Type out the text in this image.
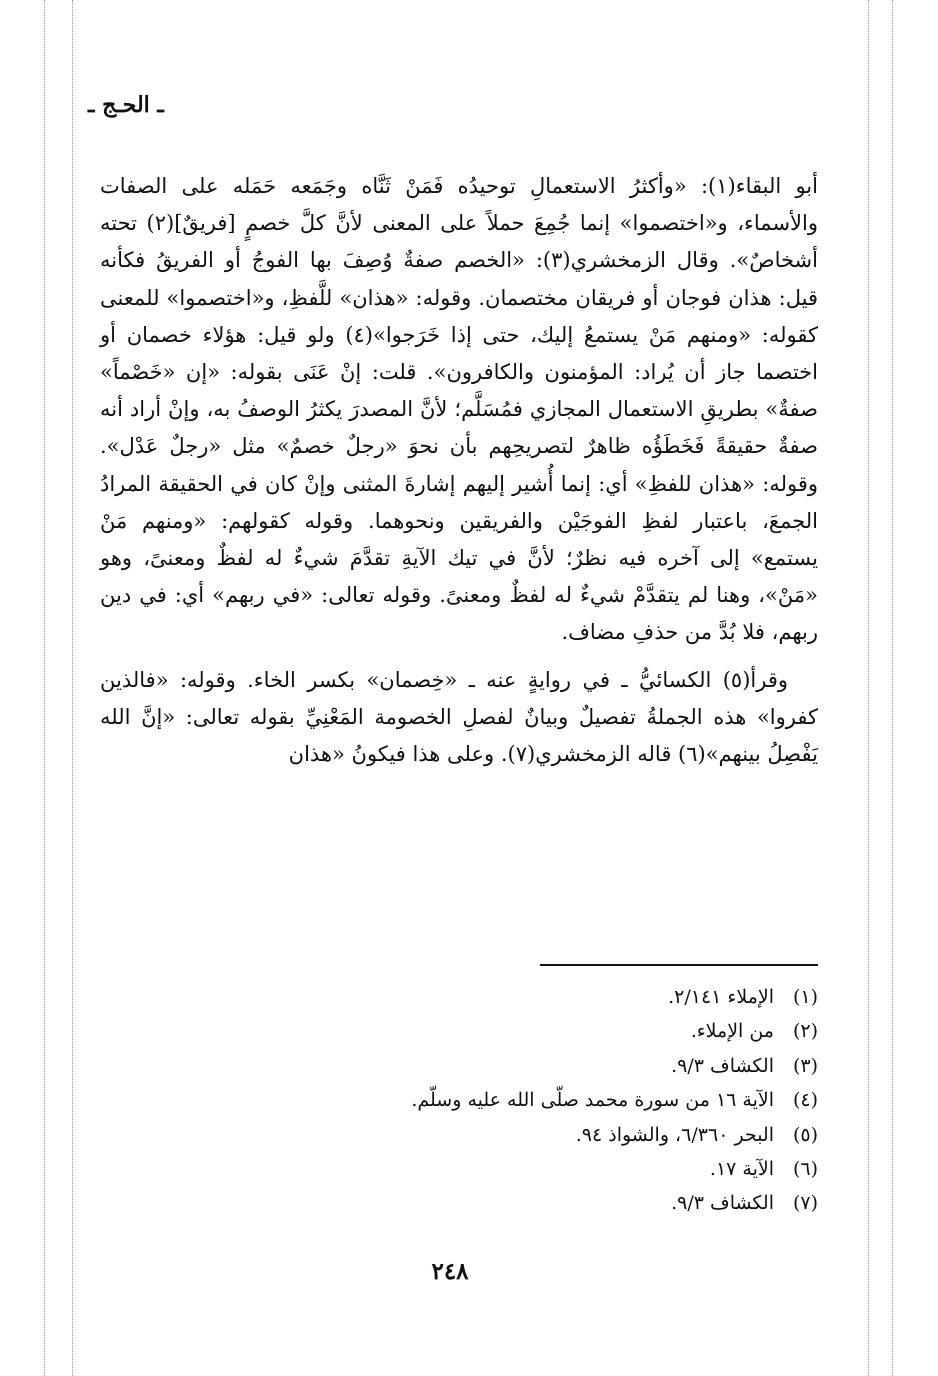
ـ الحـج ـ

أبو البقاء(١): «وأكثرُ الاستعمالِ توحيدُه فَمَنْ ثَنَّاه وجَمَعه حَمَله على الصفات والأسماء، و«اختصموا» إنما جُمِعَ حملاً على المعنى لأنَّ كلَّ خصمٍ [فريقٌ](٢) تحته أشخاصٌ». وقال الزمخشري(٣): «الخصم صفةٌ وُصِفَ بها الفوجُ أو الفريقُ فكأنه قيل: هذان فوجان أو فريقان مختصمان. وقوله: «هذان» للَّفظِ، و«اختصموا» للمعنى كقوله: «ومنهم مَنْ يستمعُ إليك، حتى إذا خَرَجوا»(٤) ولو قيل: هؤلاء خصمان أو اختصما جاز أن يُراد: المؤمنون والكافرون». قلت: إنْ عَنَى بقوله: «إن «خَصْماً» صفةٌ» بطريقِ الاستعمال المجازي فمُسَلَّم؛ لأنَّ المصدرَ يكثرُ الوصفُ به، وإنْ أراد أنه صفةٌ حقيقةً فَخَطَؤُه ظاهرٌ لتصريحِهم بأن نحوَ «رجلٌ خصمٌ» مثل «رجلٌ عَدْل». وقوله: «هذان للفظِ» أي: إنما أُشير إليهم إشارةَ المثنى وإنْ كان في الحقيقة المرادُ الجمعَ، باعتبار لفظِ الفوجَيْن والفريقين ونحوهما. وقوله كقولهم: «ومنهم مَنْ يستمع» إلى آخره فيه نظرٌ؛ لأنَّ في تيك الآيةِ تقدَّمَ شيءٌ له لفظٌ ومعنىً، وهو «مَنْ»، وهنا لم يتقدَّمْ شيءٌ له لفظٌ ومعنىً. وقوله تعالى: «في ربهم» أي: في دين ربهم، فلا بُدَّ من حذفِ مضاف.

وقرأ(٥) الكسائيُّ ـ في روايةٍ عنه ـ «خِصمان» بكسر الخاء. وقوله: «فالذين كفروا» هذه الجملةُ تفصيلٌ وبيانٌ لفصلِ الخصومة المَعْنِيِّ بقوله تعالى: «إنَّ الله يَفْصِلُ بينهم»(٦) قاله الزمخشري(٧). وعلى هذا فيكونُ «هذان

(١)الإملاء ٢/١٤١.
(٢)من الإملاء.
(٣)الكشاف ٩/٣.
(٤)الآية ١٦ من سورة محمد صلّى الله عليه وسلّم.
(٥)البحر ٦/٣٦٠، والشواذ ٩٤.
(٦)الآية ١٧.
(٧)الكشاف ٩/٣.
٢٤٨
